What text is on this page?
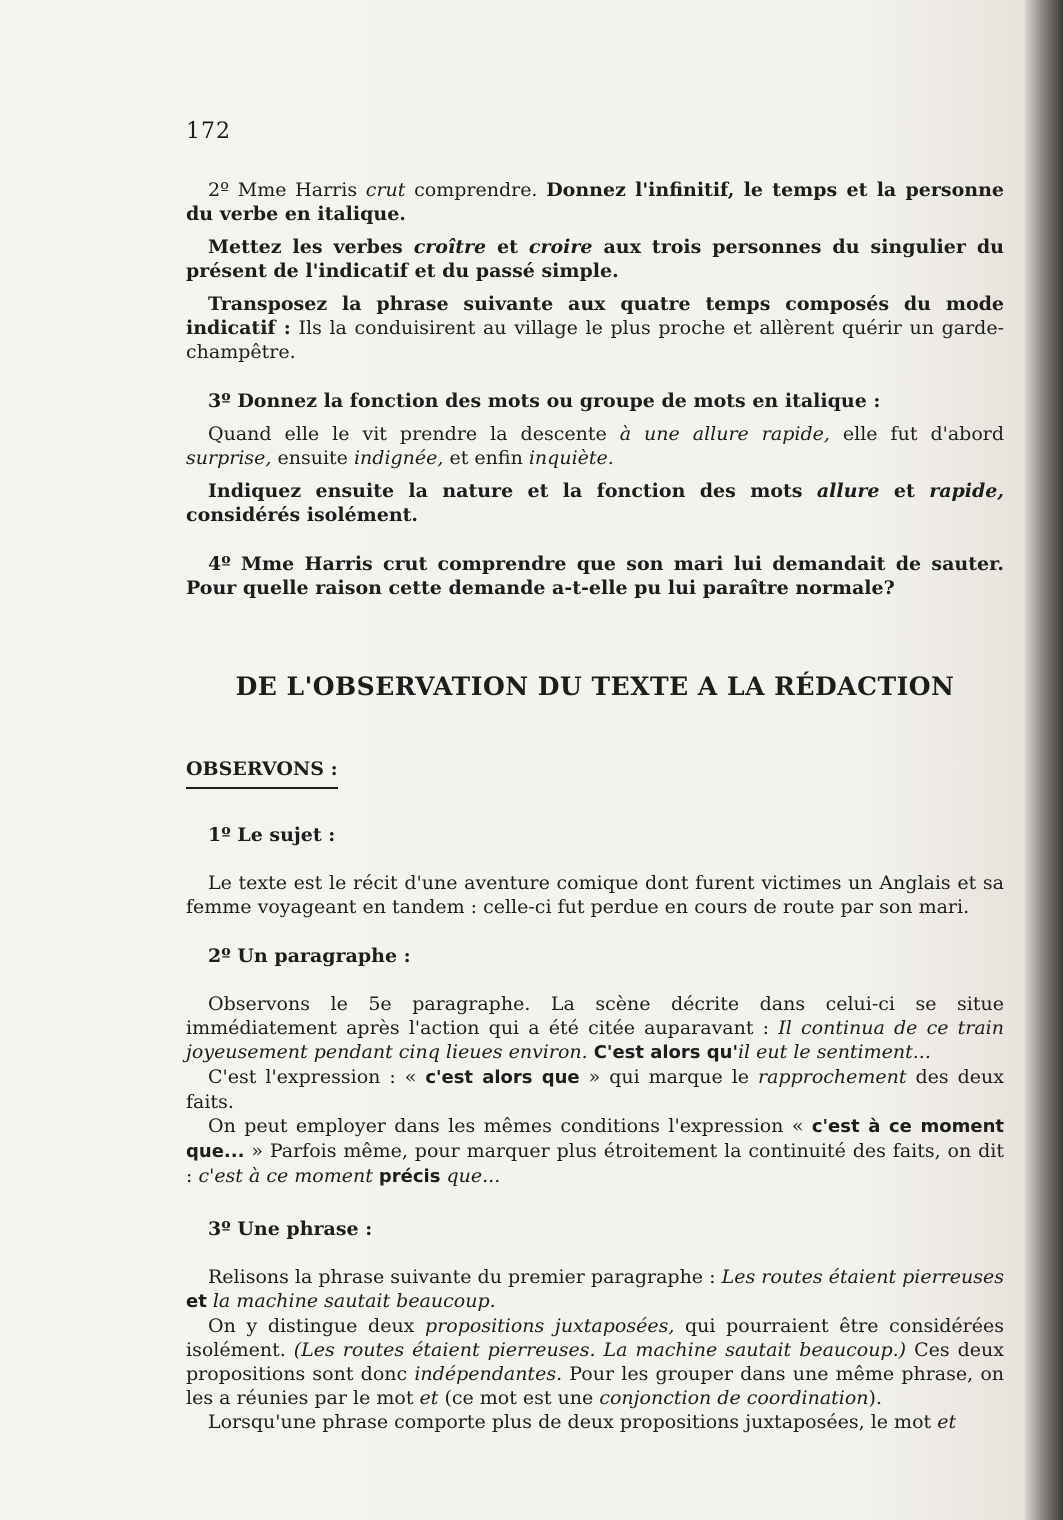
172

2º Mme Harris crut comprendre. Donnez l'infinitif, le temps et la personne du verbe en italique.

Mettez les verbes croître et croire aux trois personnes du singulier du présent de l'indicatif et du passé simple.

Transposez la phrase suivante aux quatre temps composés du mode indicatif : Ils la conduisirent au village le plus proche et allèrent quérir un garde-champêtre.

3º Donnez la fonction des mots ou groupe de mots en italique :

Quand elle le vit prendre la descente à une allure rapide, elle fut d'abord surprise, ensuite indignée, et enfin inquiète.

Indiquez ensuite la nature et la fonction des mots allure et rapide, considérés isolément.

4º Mme Harris crut comprendre que son mari lui demandait de sauter. Pour quelle raison cette demande a-t-elle pu lui paraître normale?

DE L'OBSERVATION DU TEXTE A LA RÉDACTION
OBSERVONS :
1º Le sujet :

Le texte est le récit d'une aventure comique dont furent victimes un Anglais et sa femme voyageant en tandem : celle-ci fut perdue en cours de route par son mari.

2º Un paragraphe :

Observons le 5e paragraphe. La scène décrite dans celui-ci se situe immédiatement après l'action qui a été citée auparavant : Il continua de ce train joyeusement pendant cinq lieues environ. C'est alors qu'il eut le sentiment...

C'est l'expression : « c'est alors que » qui marque le rapprochement des deux faits.

On peut employer dans les mêmes conditions l'expression « c'est à ce moment que... » Parfois même, pour marquer plus étroitement la continuité des faits, on dit : c'est à ce moment précis que...

3º Une phrase :

Relisons la phrase suivante du premier paragraphe : Les routes étaient pierreuses et la machine sautait beaucoup.

On y distingue deux propositions juxtaposées, qui pourraient être considérées isolément. (Les routes étaient pierreuses. La machine sautait beaucoup.) Ces deux propositions sont donc indépendantes. Pour les grouper dans une même phrase, on les a réunies par le mot et (ce mot est une conjonction de coordination).

Lorsqu'une phrase comporte plus de deux propositions juxtaposées, le mot et
